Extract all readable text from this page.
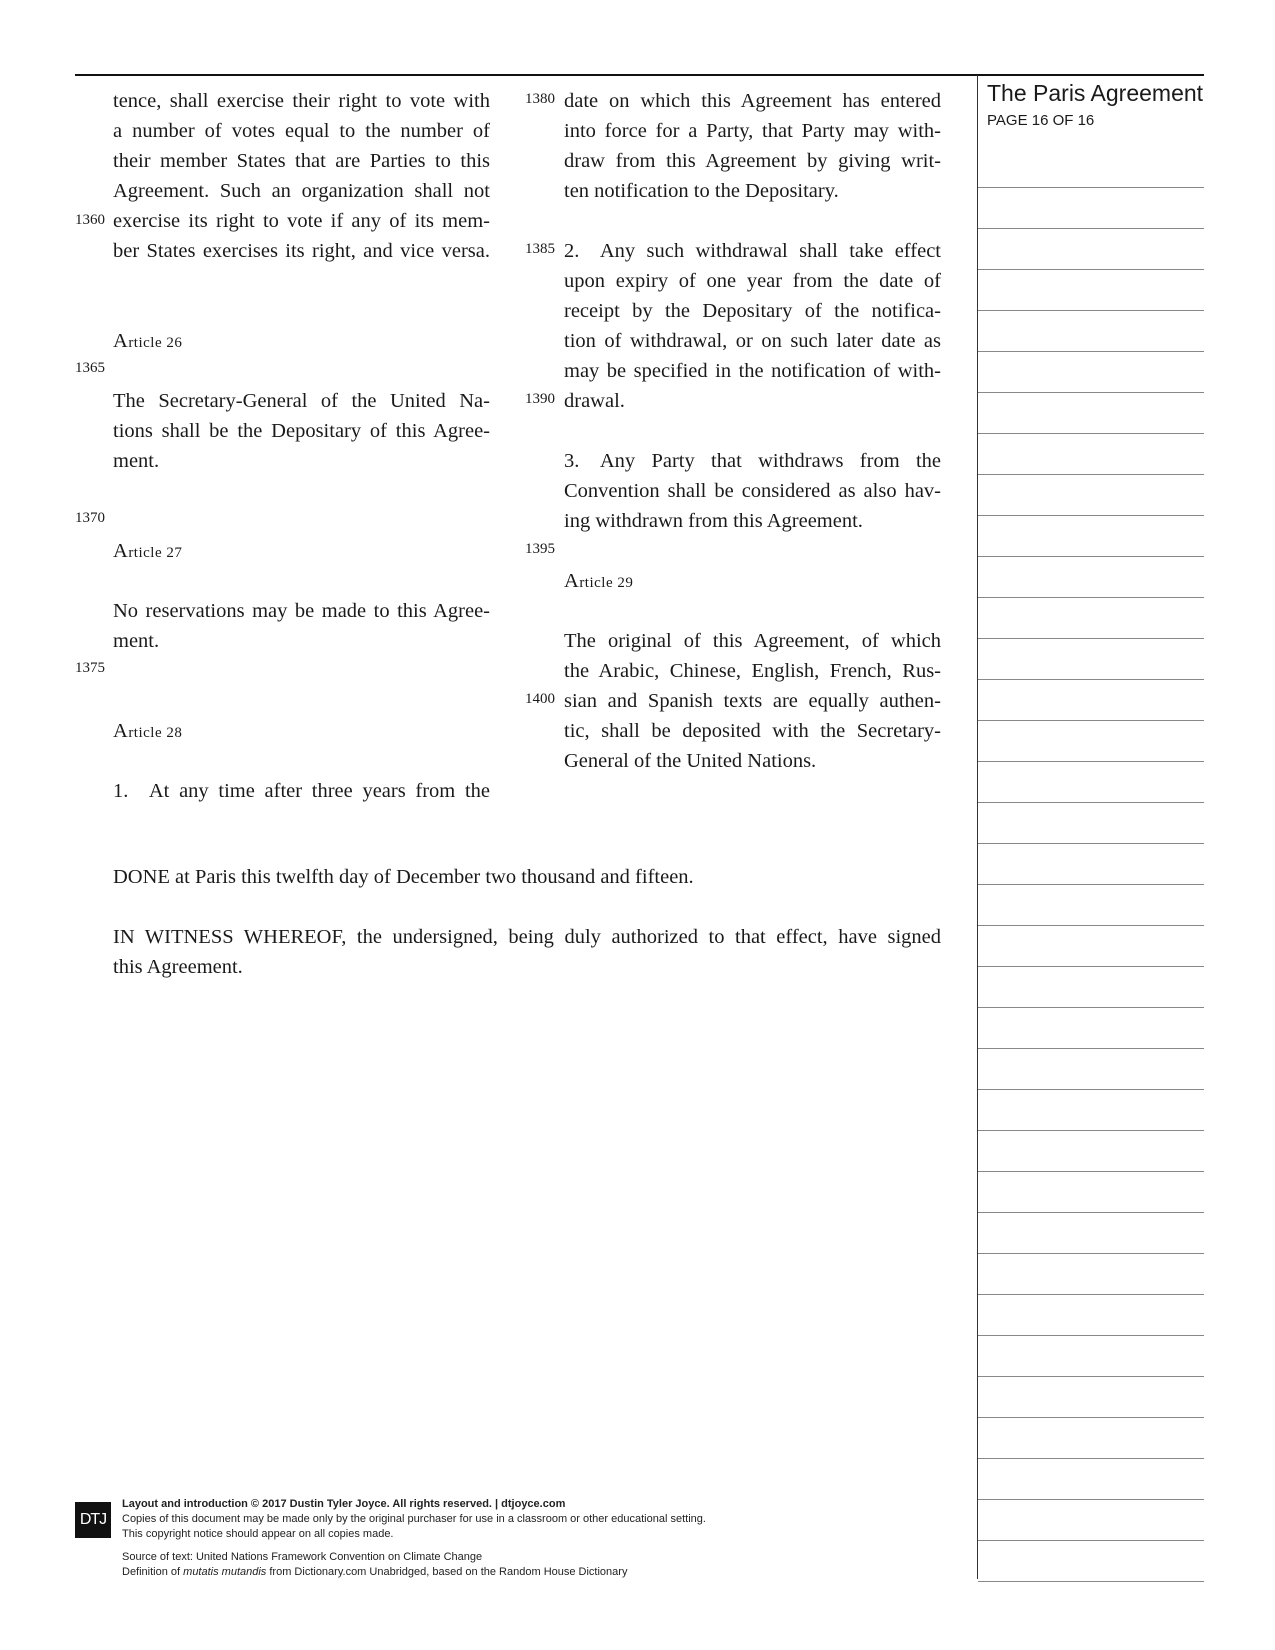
The Paris Agreement
PAGE 16 OF 16
tence, shall exercise their right to vote with
a number of votes equal to the number of
their member States that are Parties to this
Agreement. Such an organization shall not
exercise its right to vote if any of its mem-
ber States exercises its right, and vice versa.
Article 26
The Secretary-General of the United Na-
tions shall be the Depositary of this Agree-
ment.
Article 27
No reservations may be made to this Agree-
ment.
Article 28
1. At any time after three years from the
date on which this Agreement has entered
into force for a Party, that Party may with-
draw from this Agreement by giving writ-
ten notification to the Depositary.
2. Any such withdrawal shall take effect
upon expiry of one year from the date of
receipt by the Depositary of the notifica-
tion of withdrawal, or on such later date as
may be specified in the notification of with-
drawal.
3. Any Party that withdraws from the
Convention shall be considered as also hav-
ing withdrawn from this Agreement.
Article 29
The original of this Agreement, of which
the Arabic, Chinese, English, French, Rus-
sian and Spanish texts are equally authen-
tic, shall be deposited with the Secretary-
General of the United Nations.
1360
1365
1370
1375
1380
1385
1390
1395
1400
DONE at Paris this twelfth day of December two thousand and fifteen.
IN WITNESS WHEREOF, the undersigned, being duly authorized to that effect, have signed
this Agreement.
DTJ
Layout and introduction © 2017 Dustin Tyler Joyce. All rights reserved. | dtjoyce.com
Copies of this document may be made only by the original purchaser for use in a classroom or other educational setting.
This copyright notice should appear on all copies made.
Source of text: United Nations Framework Convention on Climate Change
Definition of mutatis mutandis from Dictionary.com Unabridged, based on the Random House Dictionary
